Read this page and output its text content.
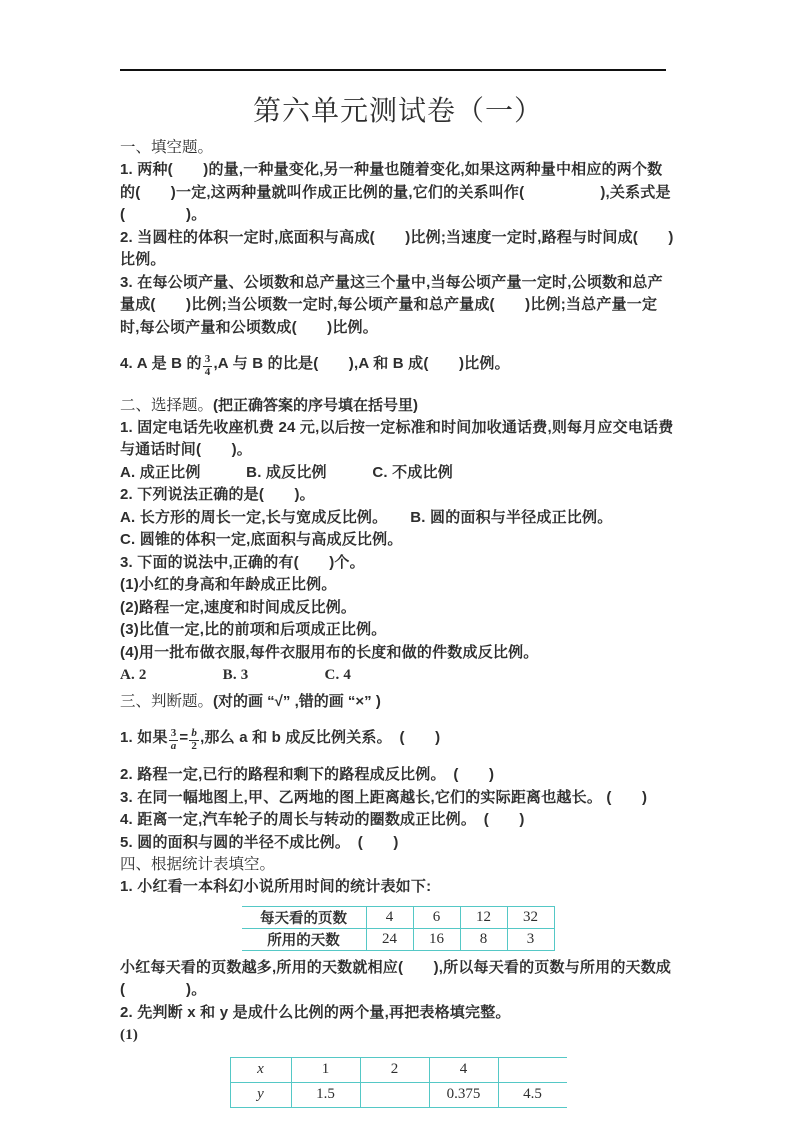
第六单元测试卷（一）

一、填空题。

1. 两种(　　)的量,一种量变化,另一种量也随着变化,如果这两种量中相应的两个数的(　　)一定,这两种量就叫作成正比例的量,它们的关系叫作(　　　　　),关系式是(　　　　)。

2. 当圆柱的体积一定时,底面积与高成(　　)比例;当速度一定时,路程与时间成(　　)比例。

3. 在每公顷产量、公顷数和总产量这三个量中,当每公顷产量一定时,公顷数和总产量成(　　)比例;当公顷数一定时,每公顷产量和总产量成(　　)比例;当总产量一定时,每公顷产量和公顷数成(　　)比例。

4. A 是 B 的 $\frac{3}{4} ,A$ 与 B 的比是(　　),A 和 B 成(　　)比例。

二、选择题。(把正确答案的序号填在括号里)

1. 固定电话先收座机费 24 元,以后按一定标准和时间加收通话费,则每月应交电话费与通话时间(　　)。

A. 成正比例　　　B. 成反比例　　　C. 不成比例

2. 下列说法正确的是(　　)。

A. 长方形的周长一定,长与宽成反比例。　　B. 圆的面积与半径成正比例。

C. 圆锥的体积一定,底面积与高成反比例。

3. 下面的说法中,正确的有(　　)个。

(1)小红的身高和年龄成正比例。

(2)路程一定,速度和时间成反比例。

(3)比值一定,比的前项和后项成正比例。

(4)用一批布做衣服,每件衣服用布的长度和做的件数成反比例。

A. 2　　　　　B. 3　　　　　C. 4

三、判断题。(对的画 “√” ,错的画 “×” )

1. 如果 $\frac{3}{a} = \frac{b}{2}$ ,那么 a 和 b 成反比例关系。　(　　)

2. 路程一定,已行的路程和剩下的路程成反比例。　(　　)

3. 在同一幅地图上,甲、乙两地的图上距离越长,它们的实际距离也越长。 (　　)

4. 距离一定,汽车轮子的周长与转动的圈数成正比例。　(　　)

5. 圆的面积与圆的半径不成比例。　(　　)

四、根据统计表填空。

1. 小红看一本科幻小说所用时间的统计表如下:

每天看的页数	4	6	12	32
所用的天数	24	16	8	3

小红每天看的页数越多,所用的天数就相应(　　),所以每天看的页数与所用的天数成

(　　　　)。

2. 先判断 x 和 y 是成什么比例的两个量,再把表格填完整。

(1)

x	1	2	4	
y	1.5		0.375	4.5
